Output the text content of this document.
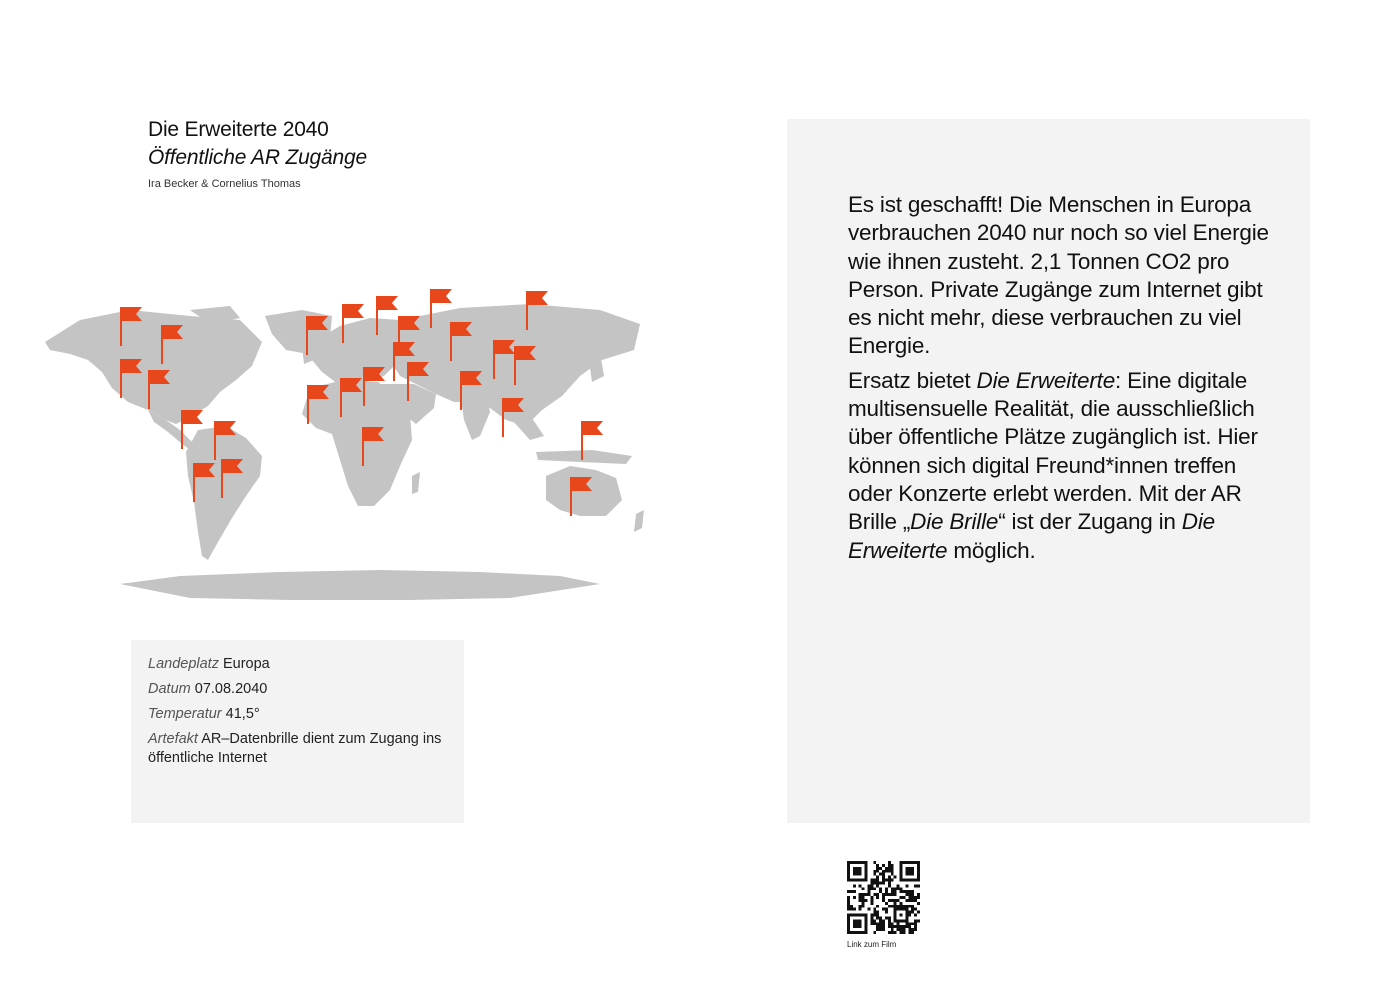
Die Erweiterte 2040
Öffentliche AR Zugänge
Ira Becker & Cornelius Thomas
Landeplatz Europa
Datum 07.08.2040
Temperatur 41,5°
Artefakt AR–Datenbrille dient zum Zugang ins öffentliche Internet

Es ist geschafft! Die Menschen in Europa verbrauchen 2040 nur noch so viel Energie wie ihnen zusteht. 2,1 Tonnen CO2 pro Person. Private Zugänge zum Internet gibt es nicht mehr, diese verbrauchen zu viel Energie.

Ersatz bietet Die Erweiterte: Eine digitale multisensuelle Realität, die ausschließlich über öffentliche Plätze zugänglich ist. Hier können sich digital Freund*innen treffen oder Konzerte erlebt werden. Mit der AR Brille „Die Brille“ ist der Zugang in Die Erweiterte möglich.

Link zum Film
